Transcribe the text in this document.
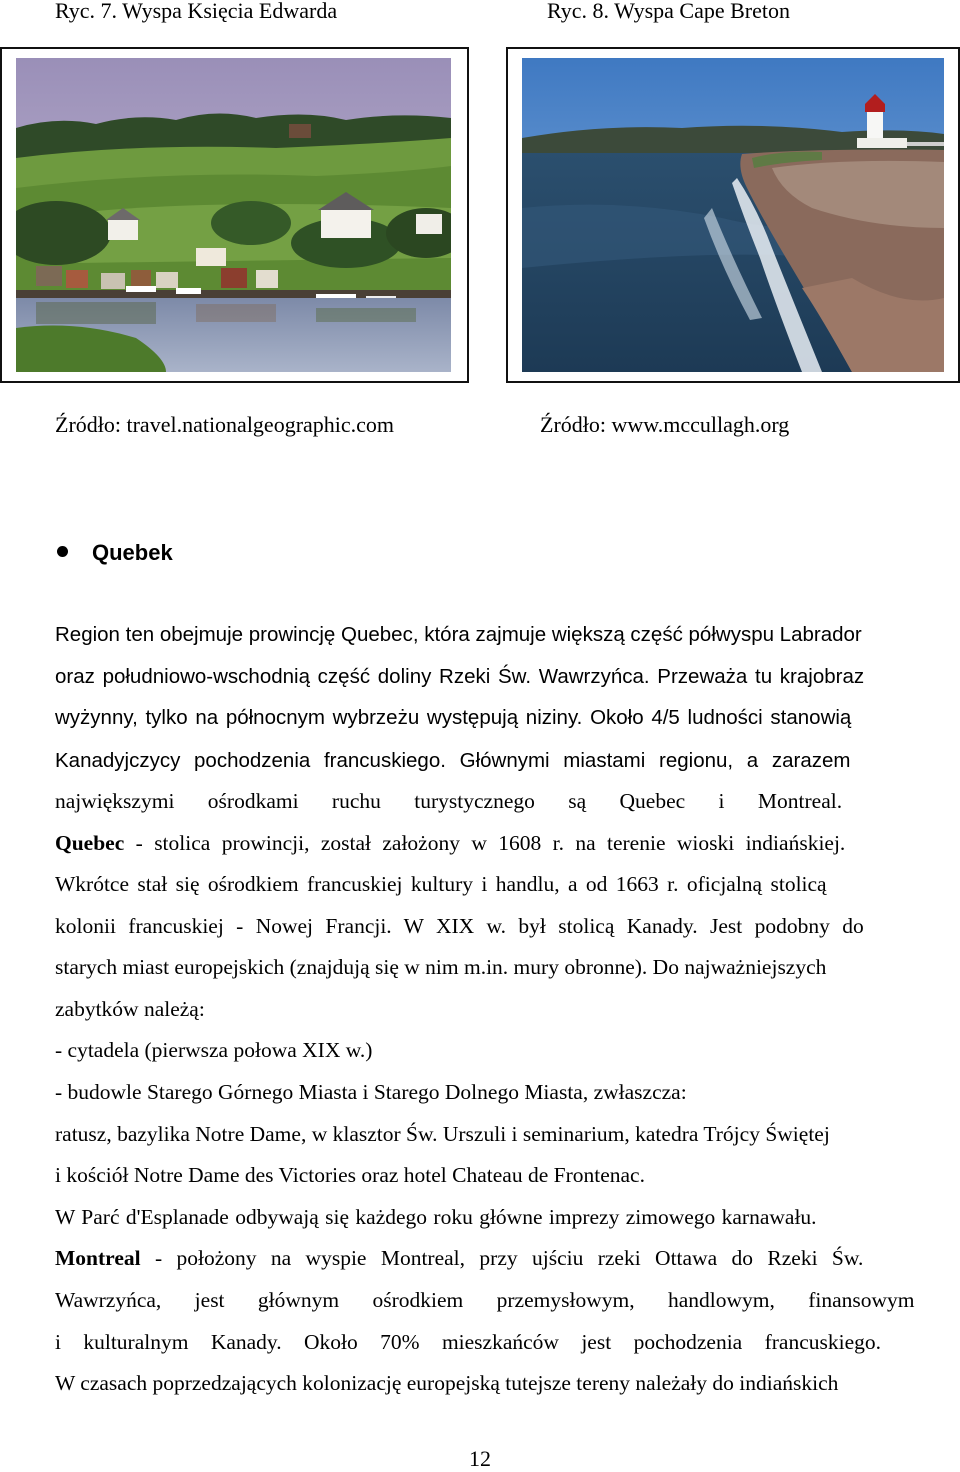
Ryc. 7. Wyspa Księcia Edwarda	Ryc. 8. Wyspa Cape Breton
Źródło: travel.nationalgeographic.com	Źródło: www.mccullagh.org
Quebek
Region ten obejmuje prowincję Quebec, która zajmuje większą część półwyspu Labrador
oraz południowo-wschodnią część doliny Rzeki Św. Wawrzyńca. Przeważa tu krajobraz
wyżynny, tylko na północnym wybrzeżu występują niziny. Około 4/5 ludności stanowią
Kanadyjczycy pochodzenia francuskiego. Głównymi miastami regionu, a zarazem
największymi ośrodkami ruchu turystycznego są Quebec i Montreal.
Quebec - stolica prowincji, został założony w 1608 r. na terenie wioski indiańskiej.
Wkrótce stał się ośrodkiem francuskiej kultury i handlu, a od 1663 r. oficjalną stolicą
kolonii francuskiej - Nowej Francji. W XIX w. był stolicą Kanady. Jest podobny do
starych miast europejskich (znajdują się w nim m.in. mury obronne). Do najważniejszych
zabytków należą:
- cytadela (pierwsza połowa XIX w.)
- budowle Starego Górnego Miasta i Starego Dolnego Miasta, zwłaszcza:
ratusz, bazylika Notre Dame, w klasztor Św. Urszuli i seminarium, katedra Trójcy Świętej
i kościół Notre Dame des Victories oraz hotel Chateau de Frontenac.
W Parć d'Esplanade odbywają się każdego roku główne imprezy zimowego karnawału.
Montreal - położony na wyspie Montreal, przy ujściu rzeki Ottawa do Rzeki Św.
Wawrzyńca, jest głównym ośrodkiem przemysłowym, handlowym, finansowym
i kulturalnym Kanady. Około 70% mieszkańców jest pochodzenia francuskiego.
W czasach poprzedzających kolonizację europejską tutejsze tereny należały do indiańskich
12
